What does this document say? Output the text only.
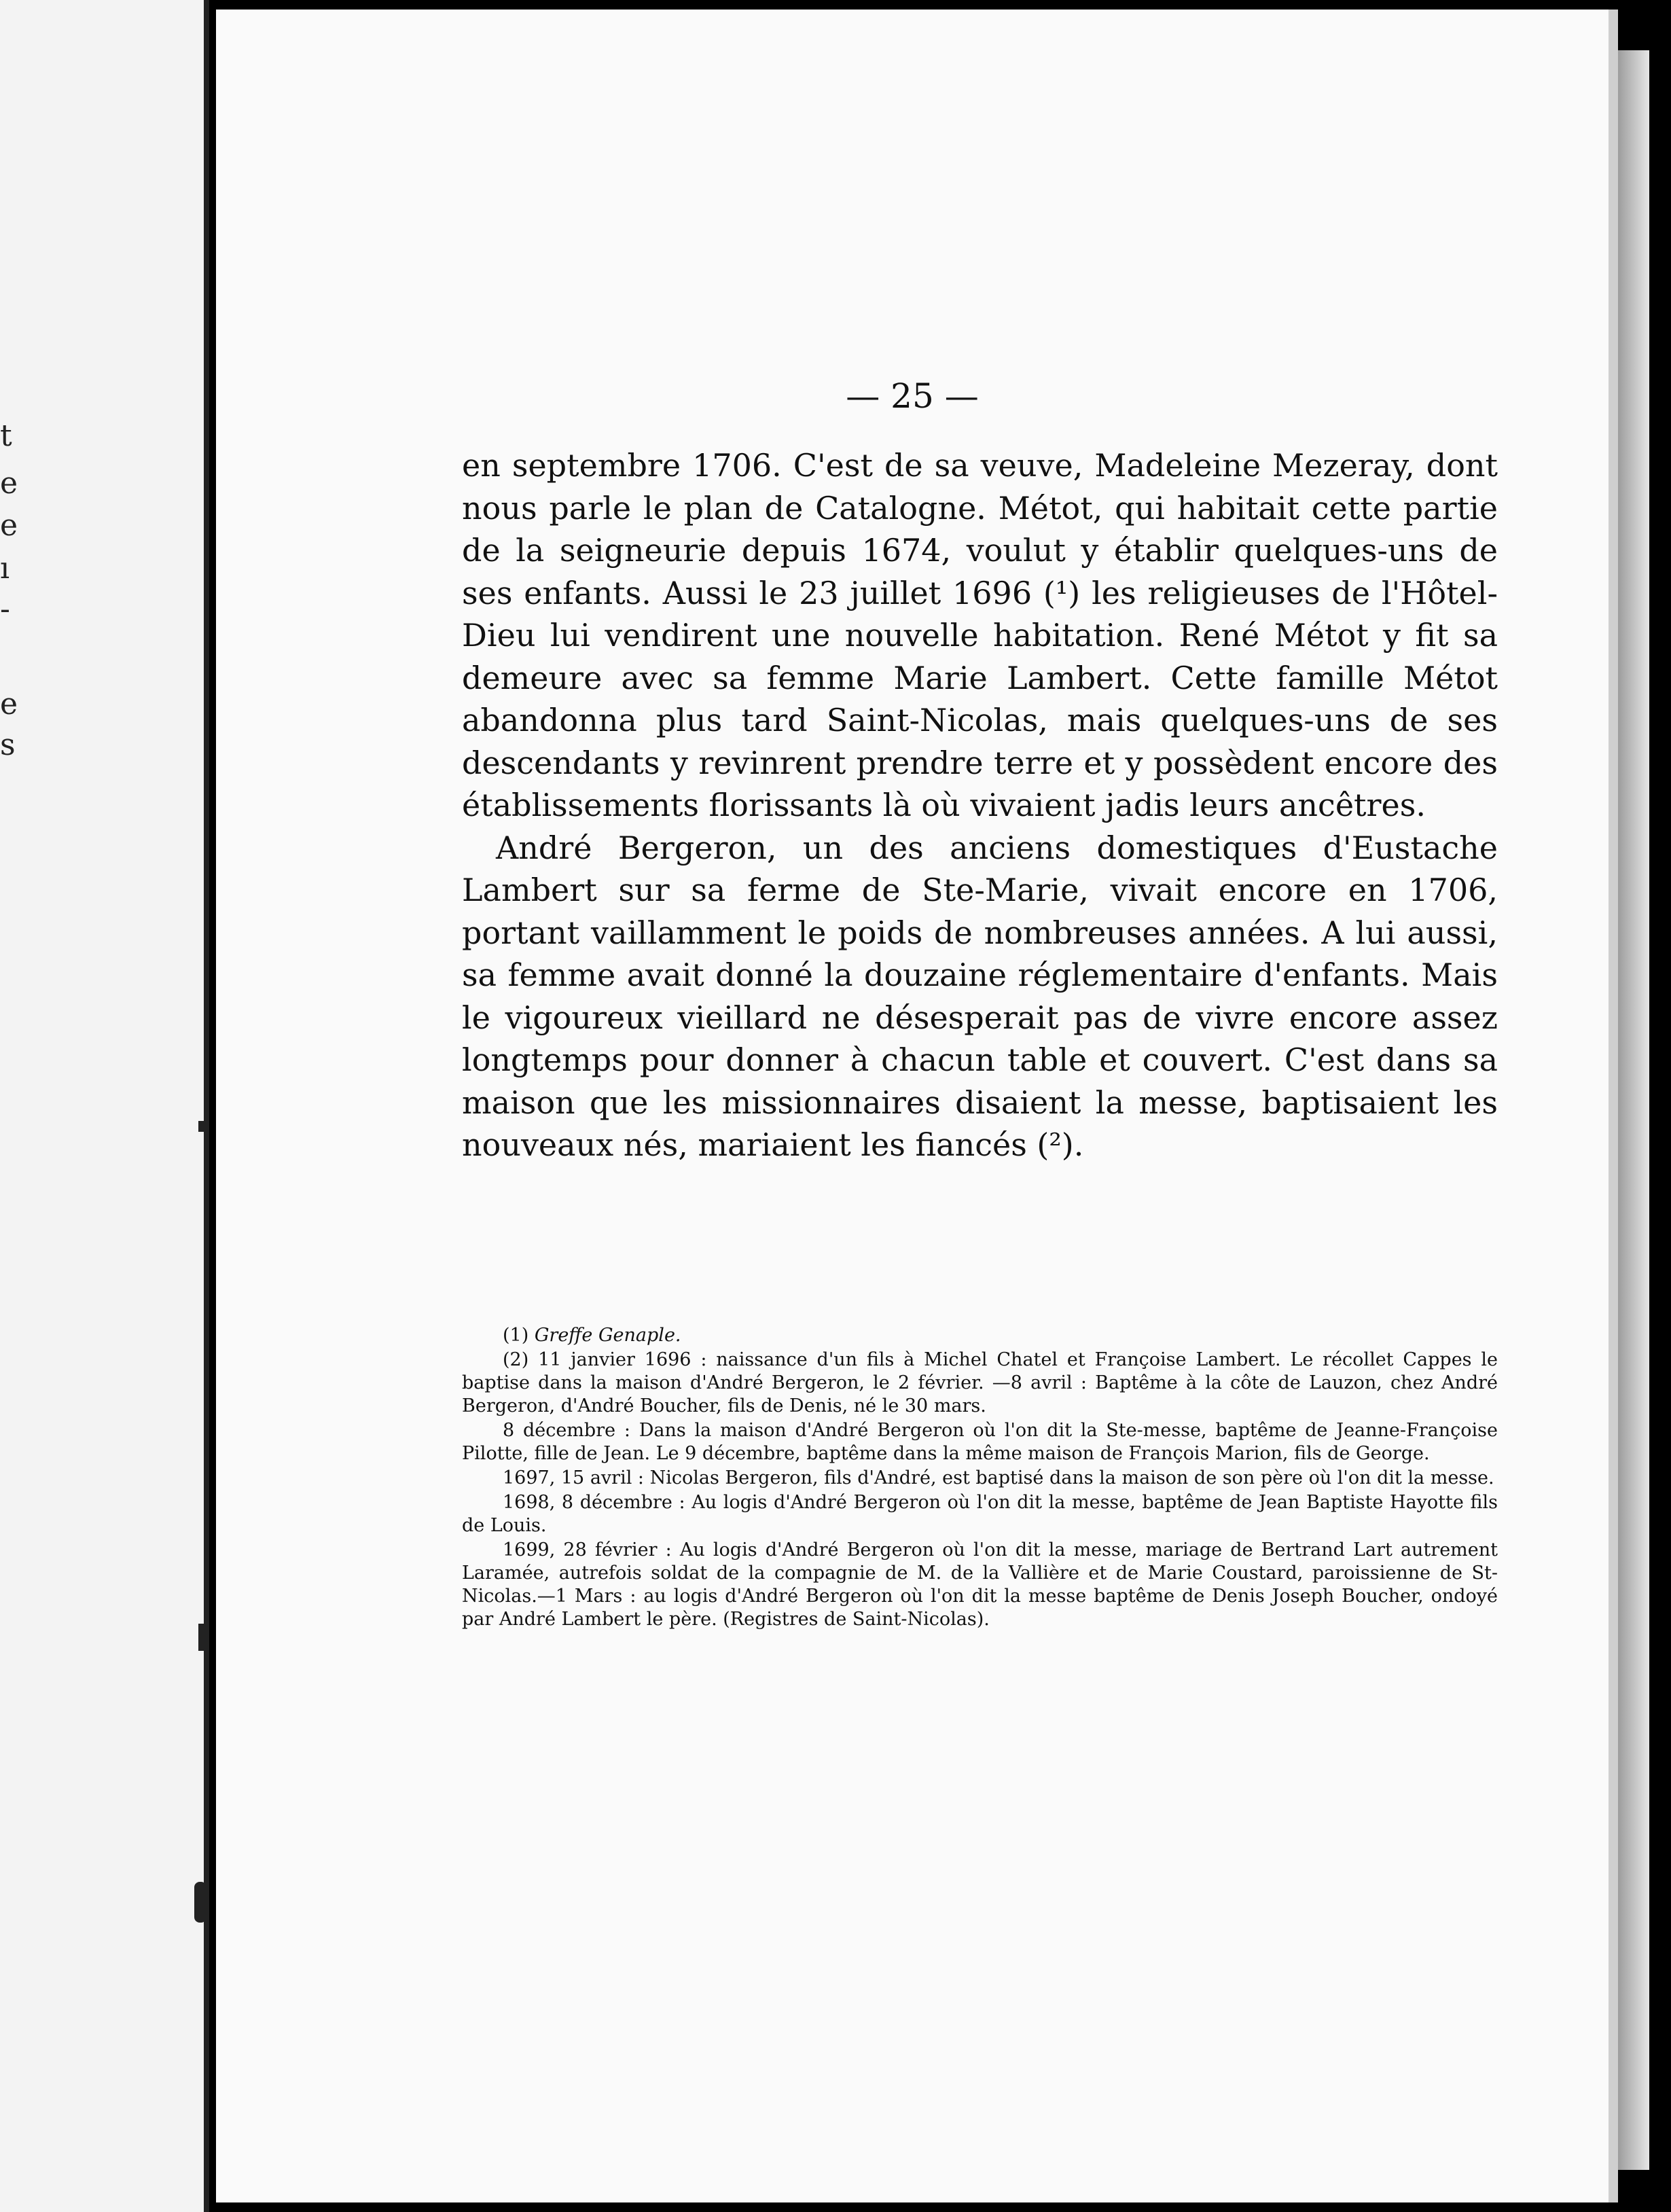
t
e
e
ı
-
e
s
— 25 —

en septembre 1706. C'est de sa veuve, Madeleine Mezeray, dont nous parle le plan de Catalogne. Métot, qui habitait cette partie de la seigneurie depuis 1674, voulut y établir quelques-uns de ses enfants. Aussi le 23 juillet 1696 (¹) les religieuses de l'Hôtel-Dieu lui vendirent une nouvelle habitation. René Métot y fit sa demeure avec sa femme Marie Lambert. Cette famille Métot abandonna plus tard Saint-Nicolas, mais quelques-uns de ses descendants y revinrent prendre terre et y possèdent encore des établissements florissants là où vivaient jadis leurs ancêtres.

André Bergeron, un des anciens domestiques d'Eustache Lambert sur sa ferme de Ste-Marie, vivait encore en 1706, portant vaillamment le poids de nombreuses années. A lui aussi, sa femme avait donné la douzaine réglementaire d'enfants. Mais le vigoureux vieillard ne désesperait pas de vivre encore assez longtemps pour donner à chacun table et couvert. C'est dans sa maison que les missionnaires disaient la messe, baptisaient les nouveaux nés, mariaient les fiancés (²).

(1) Greffe Genaple.

(2) 11 janvier 1696 : naissance d'un fils à Michel Chatel et Françoise Lambert. Le récollet Cappes le baptise dans la maison d'André Bergeron, le 2 février. —8 avril : Baptême à la côte de Lauzon, chez André Bergeron, d'André Boucher, fils de Denis, né le 30 mars.

8 décembre : Dans la maison d'André Bergeron où l'on dit la Ste-messe, baptême de Jeanne-Françoise Pilotte, fille de Jean. Le 9 décembre, baptême dans la même maison de François Marion, fils de George.

1697, 15 avril : Nicolas Bergeron, fils d'André, est baptisé dans la maison de son père où l'on dit la messe.

1698, 8 décembre : Au logis d'André Bergeron où l'on dit la messe, baptême de Jean Baptiste Hayotte fils de Louis.

1699, 28 février : Au logis d'André Bergeron où l'on dit la messe, mariage de Bertrand Lart autrement Laramée, autrefois soldat de la compagnie de M. de la Vallière et de Marie Coustard, paroissienne de St-Nicolas.—1 Mars : au logis d'André Bergeron où l'on dit la messe baptême de Denis Joseph Boucher, ondoyé par André Lambert le père. (Registres de Saint-Nicolas).
